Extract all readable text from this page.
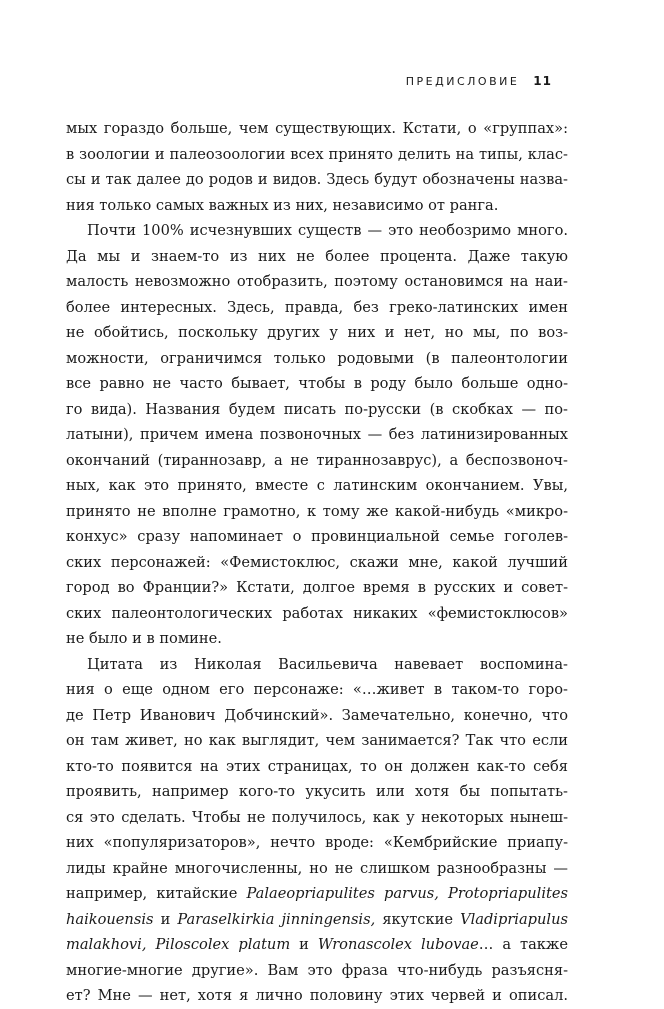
ПРЕДИСЛОВИЕ 11
мых гораздо больше, чем существующих. Кстати, о «группах»:
в зоологии и палеозоологии всех принято делить на типы, клас-
сы и так далее до родов и видов. Здесь будут обозначены назва-
ния только самых важных из них, независимо от ранга.
Почти 100% исчезнувших существ — это необозримо много.
Да мы и знаем-то из них не более процента. Даже такую
малость невозможно отобразить, поэтому остановимся на наи-
более интересных. Здесь, правда, без греко-латинских имен
не обойтись, поскольку других у них и нет, но мы, по воз-
можности, ограничимся только родовыми (в палеонтологии
все равно не часто бывает, чтобы в роду было больше одно-
го вида). Названия будем писать по-русски (в скобках — по-
латыни), причем имена позвоночных — без латинизированных
окончаний (тираннозавр, а не тираннозаврус), а беспозвоноч-
ных, как это принято, вместе с латинским окончанием. Увы,
принято не вполне грамотно, к тому же какой-нибудь «микро-
конхус» сразу напоминает о провинциальной семье гоголев-
ских персонажей: «Фемистоклюс, скажи мне, какой лучший
город во Франции?» Кстати, долгое время в русских и совет-
ских палеонтологических работах никаких «фемистоклюсов»
не было и в помине.
Цитата из Николая Васильевича навевает воспомина-
ния о еще одном его персонаже: «…живет в таком-то горо-
де Петр Иванович Добчинский». Замечательно, конечно, что
он там живет, но как выглядит, чем занимается? Так что если
кто-то появится на этих страницах, то он должен как-то себя
проявить, например кого-то укусить или хотя бы попытать-
ся это сделать. Чтобы не получилось, как у некоторых нынеш-
них «популяризаторов», нечто вроде: «Кембрийские приапу-
лиды крайне многочисленны, но не слишком разнообразны —
например, китайские Palaeopriapulites parvus, Protopriapulites
haikouensis и Paraselkirkia jinningensis, якутские Vladipriapulus
malakhovi, Piloscolex platum и Wronascolex lubovae… а также
многие-многие другие». Вам это фраза что-нибудь разъясня-
ет? Мне — нет, хотя я лично половину этих червей и описал.
